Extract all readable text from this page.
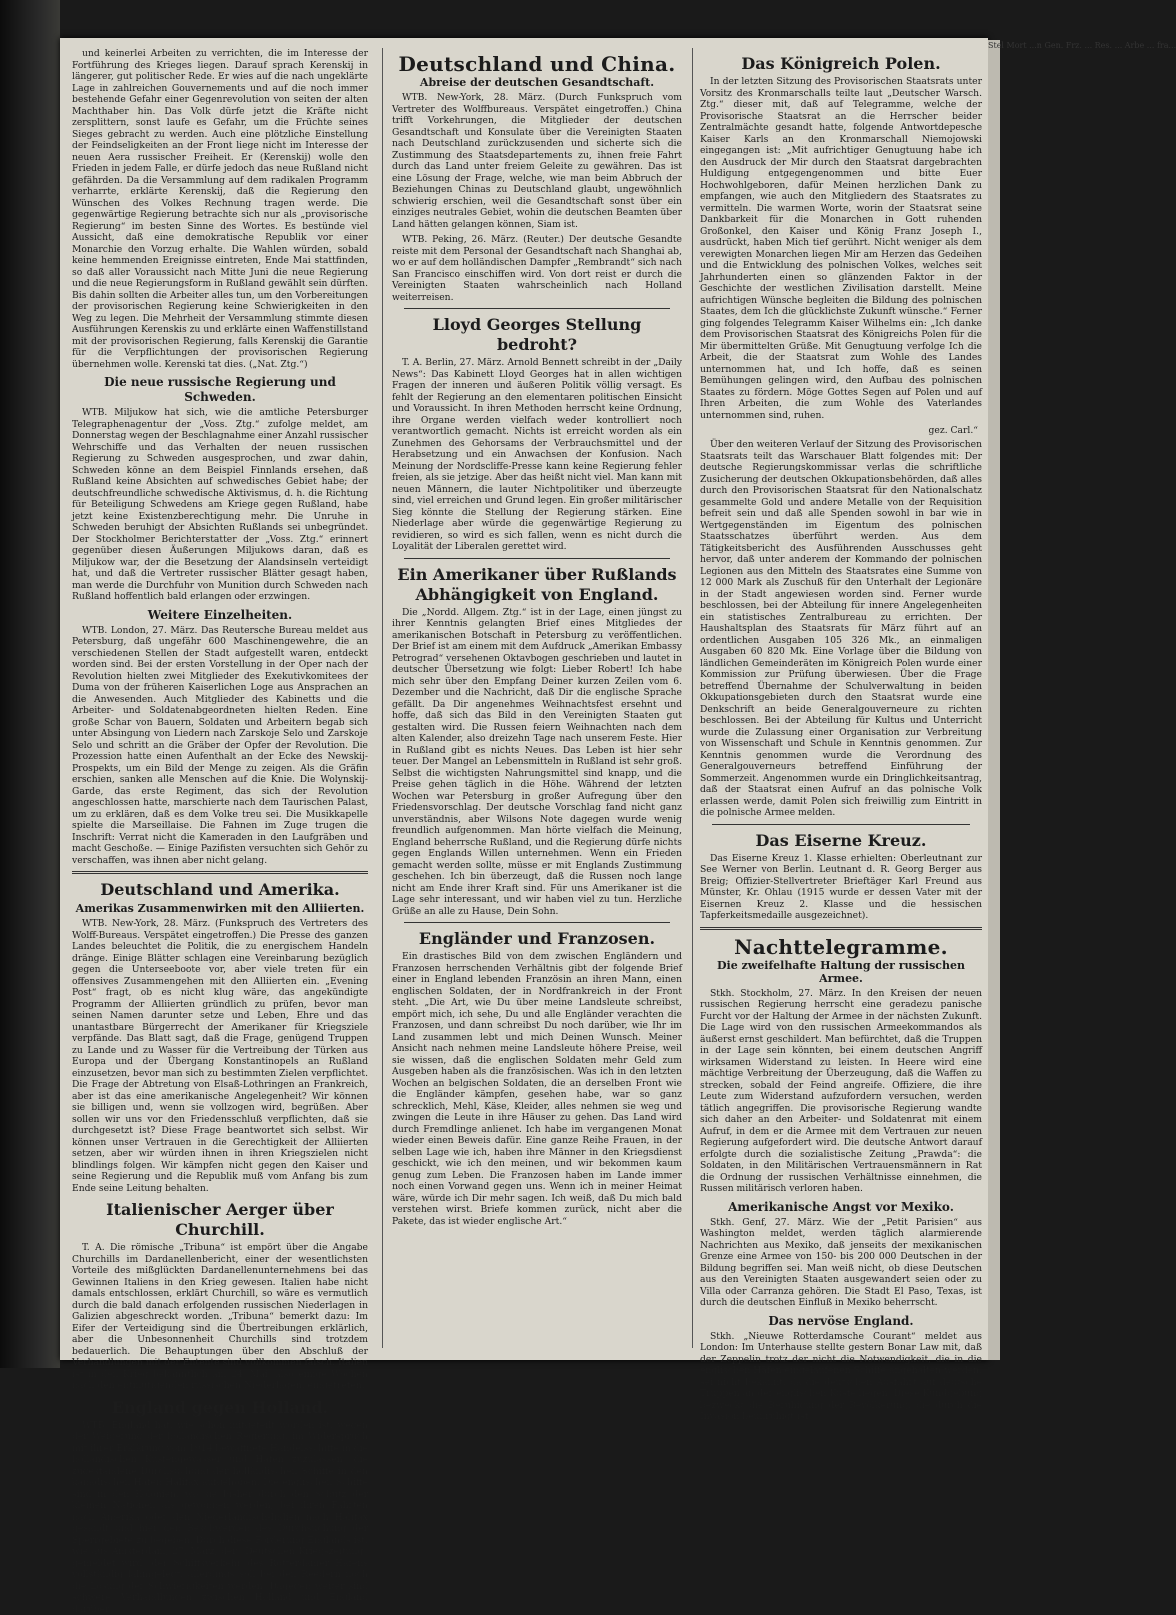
und keinerlei Arbeiten zu verrichten, die im Interesse der Fortführung des Krieges liegen. Darauf sprach Kerenskij in längerer, gut politischer Rede. Er wies auf die nach ungeklärte Lage in zahlreichen Gouvernements und auf die noch immer bestehende Gefahr einer Gegenrevolution von seiten der alten Machthaber hin. Das Volk dürfe jetzt die Kräfte nicht zersplittern, sonst laufe es Gefahr, um die Früchte seines Sieges gebracht zu werden. Auch eine plötzliche Einstellung der Feindseligkeiten an der Front liege nicht im Interesse der neuen Aera russischer Freiheit. Er (Kerenskij) wolle den Frieden in jedem Falle, er dürfe jedoch das neue Rußland nicht gefährden. Da die Versammlung auf dem radikalen Programm verharrte, erklärte Kerenskij, daß die Regierung den Wünschen des Volkes Rechnung tragen werde. Die gegenwärtige Regierung betrachte sich nur als „provisorische Regierung“ im besten Sinne des Wortes. Es bestünde viel Aussicht, daß eine demokratische Republik vor einer Monarchie den Vorzug erhalte. Die Wahlen würden, sobald keine hemmenden Ereignisse eintreten, Ende Mai stattfinden, so daß aller Voraussicht nach Mitte Juni die neue Regierung und die neue Regierungsform in Rußland gewählt sein dürften. Bis dahin sollten die Arbeiter alles tun, um den Vorbereitungen der provisorischen Regierung keine Schwierigkeiten in den Weg zu legen. Die Mehrheit der Versammlung stimmte diesen Ausführungen Kerenskis zu und erklärte einen Waffenstillstand mit der provisorischen Regierung, falls Kerenskij die Garantie für die Verpflichtungen der provisorischen Regierung übernehmen wolle. Kerenski tat dies. („Nat. Ztg.“)

Die neue russische Regierung und Schweden.

WTB. Miljukow hat sich, wie die amtliche Petersburger Telegraphenagentur der „Voss. Ztg.“ zufolge meldet, am Donnerstag wegen der Beschlagnahme einer Anzahl russischer Wehrschiffe und das Verhalten der neuen russischen Regierung zu Schweden ausgesprochen, und zwar dahin, Schweden könne an dem Beispiel Finnlands ersehen, daß Rußland keine Absichten auf schwedisches Gebiet habe; der deutschfreundliche schwedische Aktivismus, d. h. die Richtung für Beteiligung Schwedens am Kriege gegen Rußland, habe jetzt keine Existenzberechtigung mehr. Die Unruhe in Schweden beruhigt der Absichten Rußlands sei unbegründet. Der Stockholmer Berichterstatter der „Voss. Ztg.“ erinnert gegenüber diesen Äußerungen Miljukows daran, daß es Miljukow war, der die Besetzung der Alandsinseln verteidigt hat, und daß die Vertreter russischer Blätter gesagt haben, man werde die Durchfuhr von Munition durch Schweden nach Rußland hoffentlich bald erlangen oder erzwingen.

Weitere Einzelheiten.

WTB. London, 27. März. Das Reutersche Bureau meldet aus Petersburg, daß ungefähr 600 Maschinengewehre, die an verschiedenen Stellen der Stadt aufgestellt waren, entdeckt worden sind. Bei der ersten Vorstellung in der Oper nach der Revolution hielten zwei Mitglieder des Exekutivkomitees der Duma von der früheren Kaiserlichen Loge aus Ansprachen an die Anwesenden. Auch Mitglieder des Kabinetts und die Arbeiter- und Soldatenabgeordneten hielten Reden. Eine große Schar von Bauern, Soldaten und Arbeitern begab sich unter Absingung von Liedern nach Zarskoje Selo und Zarskoje Selo und schritt an die Gräber der Opfer der Revolution. Die Prozession hatte einen Aufenthalt an der Ecke des Newskij-Prospekts, um ein Bild der Menge zu zeigen. Als die Gräfin erschien, sanken alle Menschen auf die Knie. Die Wolynskij-Garde, das erste Regiment, das sich der Revolution angeschlossen hatte, marschierte nach dem Taurischen Palast, um zu erklären, daß es dem Volke treu sei. Die Musikkapelle spielte die Marseillaise. Die Fahnen im Zuge trugen die Inschrift: Verrat nicht die Kameraden in den Laufgräben und macht Geschoße. — Einige Pazifisten versuchten sich Gehör zu verschaffen, was ihnen aber nicht gelang.

Deutschland und Amerika.
Amerikas Zusammenwirken mit den Alliierten.

WTB. New-York, 28. März. (Funkspruch des Vertreters des Wolff-Bureaus. Verspätet eingetroffen.) Die Presse des ganzen Landes beleuchtet die Politik, die zu energischem Handeln dränge. Einige Blätter schlagen eine Vereinbarung bezüglich gegen die Unterseeboote vor, aber viele treten für ein offensives Zusammengehen mit den Alliierten ein. „Evening Post“ fragt, ob es nicht klug wäre, das angekündigte Programm der Alliierten gründlich zu prüfen, bevor man seinen Namen darunter setze und Leben, Ehre und das unantastbare Bürgerrecht der Amerikaner für Kriegsziele verpfände. Das Blatt sagt, daß die Frage, genügend Truppen zu Lande und zu Wasser für die Vertreibung der Türken aus Europa und der Übergang Konstantinopels an Rußland einzusetzen, bevor man sich zu bestimmten Zielen verpflichtet. Die Frage der Abtretung von Elsaß-Lothringen an Frankreich, aber ist das eine amerikanische Angelegenheit? Wir können sie billigen und, wenn sie vollzogen wird, begrüßen. Aber sollen wir uns vor den Friedensschluß verpflichten, daß sie durchgesetzt ist? Diese Frage beantwortet sich selbst. Wir können unser Vertrauen in die Gerechtigkeit der Alliierten setzen, aber wir würden ihnen in ihren Kriegszielen nicht blindlings folgen. Wir kämpfen nicht gegen den Kaiser und seine Regierung und die Republik muß vom Anfang bis zum Ende seine Leitung behalten.

Italienischer Aerger über Churchill.

T. A. Die römische „Tribuna“ ist empört über die Angabe Churchills im Dardanellenbericht, einer der wesentlichsten Vorteile des mißglückten Dardanellenunternehmens bei das Gewinnen Italiens in den Krieg gewesen. Italien habe nicht damals entschlossen, erklärt Churchill, so wäre es vermutlich durch die bald danach erfolgenden russischen Niederlagen in Galizien abgeschreckt worden. „Tribuna“ bemerkt dazu: Im Eifer der Verteidigung sind die Übertreibungen erklärlich, aber die Unbesonnenheit Churchills sind trotzdem bedauerlich. Die Behauptungen über den Abschluß der Verhandlungen mit der Entente sind vollkommen falsch. Italien ist in den Krieg bekanntlich am 24. Mai, also einige Wochen nach den entmutigenden russischen Niederlagen, eingetreten.

England gegen Holland.

WTB. England hat, wie schon mitgeteilt worden ist, wegen der Weigerung der holländischen Regierung, im Widerspruch mit ihrer Erklärung vom 1914 bewaffnete Handelsschiffe in die holländischen Küstengewässer und Häfen zuzulassen, die zugestandene Durchsuchung der holländischen Schiffe in den kanadischen Häfen Halifax aufgehoben. Die englischen Schiffe sind in den Kolonien, wo sie bisher durch den Schutz der kleinen Nationen als gewonnen werden, bei ihren Fahrten nach Amerika oder den Niederländisch-Indien nach Halifax gesandt und hier den Beschwerden des Durchsuchung der Sperrgebiete zu begeben. Durch diese Forderung Englands ist, wie aus Amsterdam, 27. März, der „Deutschen Kriegszeitung“ gemeldet wird, der Schiffsverkehr des Rotterdamer Hafens vollständig lahmgelegt, allerdings soll bei den Reedern noch die Lösung der Schwierigkeiten werden. Dagegen weiter sind schwere Verhandlungen zwischen Holland und England darüber.

Deutschland und China.
Abreise der deutschen Gesandtschaft.

WTB. New-York, 28. März. (Durch Funkspruch vom Vertreter des Wolffbureaus. Verspätet eingetroffen.) China trifft Vorkehrungen, die Mitglieder der deutschen Gesandtschaft und Konsulate über die Vereinigten Staaten nach Deutschland zurückzusenden und sicherte sich die Zustimmung des Staatsdepartements zu, ihnen freie Fahrt durch das Land unter freiem Geleite zu gewähren. Das ist eine Lösung der Frage, welche, wie man beim Abbruch der Beziehungen Chinas zu Deutschland glaubt, ungewöhnlich schwierig erschien, weil die Gesandtschaft sonst über ein einziges neutrales Gebiet, wohin die deutschen Beamten über Land hätten gelangen können, Siam ist.

WTB. Peking, 26. März. (Reuter.) Der deutsche Gesandte reiste mit dem Personal der Gesandtschaft nach Shanghai ab, wo er auf dem holländischen Dampfer „Rembrandt“ sich nach San Francisco einschiffen wird. Von dort reist er durch die Vereinigten Staaten wahrscheinlich nach Holland weiterreisen.

Lloyd Georges Stellung bedroht?

T. A. Berlin, 27. März. Arnold Bennett schreibt in der „Daily News“: Das Kabinett Lloyd Georges hat in allen wichtigen Fragen der inneren und äußeren Politik völlig versagt. Es fehlt der Regierung an den elementaren politischen Einsicht und Voraussicht. In ihren Methoden herrscht keine Ordnung, ihre Organe werden vielfach weder kontrolliert noch verantwortlich gemacht. Nichts ist erreicht worden als ein Zunehmen des Gehorsams der Verbrauchsmittel und der Herabsetzung und ein Anwachsen der Konfusion. Nach Meinung der Nordscliffe-Presse kann keine Regierung fehler freien, als sie jetzige. Aber das heißt nicht viel. Man kann mit neuen Männern, die lauter Nichtpolitiker und überzeugte sind, viel erreichen und Grund legen. Ein großer militärischer Sieg könnte die Stellung der Regierung stärken. Eine Niederlage aber würde die gegenwärtige Regierung zu revidieren, so wird es sich fallen, wenn es nicht durch die Loyalität der Liberalen gerettet wird.

Ein Amerikaner über Rußlands Abhängigkeit von England.

Die „Nordd. Allgem. Ztg.“ ist in der Lage, einen jüngst zu ihrer Kenntnis gelangten Brief eines Mitgliedes der amerikanischen Botschaft in Petersburg zu veröffentlichen. Der Brief ist am einem mit dem Aufdruck „Amerikan Embassy Petrograd“ versehenen Oktavbogen geschrieben und lautet in deutscher Übersetzung wie folgt: Lieber Robert! Ich habe mich sehr über den Empfang Deiner kurzen Zeilen vom 6. Dezember und die Nachricht, daß Dir die englische Sprache gefällt. Da Dir angenehmes Weihnachtsfest ersehnt und hoffe, daß sich das Bild in den Vereinigten Staaten gut gestalten wird. Die Russen feiern Weihnachten nach dem alten Kalender, also dreizehn Tage nach unserem Feste. Hier in Rußland gibt es nichts Neues. Das Leben ist hier sehr teuer. Der Mangel an Lebensmitteln in Rußland ist sehr groß. Selbst die wichtigsten Nahrungsmittel sind knapp, und die Preise gehen täglich in die Höhe. Während der letzten Wochen war Petersburg in großer Aufregung über den Friedensvorschlag. Der deutsche Vorschlag fand nicht ganz unverständnis, aber Wilsons Note dagegen wurde wenig freundlich aufgenommen. Man hörte vielfach die Meinung, England beherrsche Rußland, und die Regierung dürfe nichts gegen Englands Willen unternehmen. Wenn ein Frieden gemacht werden sollte, müsse er mit Englands Zustimmung geschehen. Ich bin überzeugt, daß die Russen noch lange nicht am Ende ihrer Kraft sind. Für uns Amerikaner ist die Lage sehr interessant, und wir haben viel zu tun. Herzliche Grüße an alle zu Hause, Dein Sohn.

Engländer und Franzosen.

Ein drastisches Bild von dem zwischen Engländern und Franzosen herrschenden Verhältnis gibt der folgende Brief einer in England lebenden Französin an ihren Mann, einen englischen Soldaten, der in Nordfrankreich in der Front steht. „Die Art, wie Du über meine Landsleute schreibst, empört mich, ich sehe, Du und alle Engländer verachten die Franzosen, und dann schreibst Du noch darüber, wie Ihr im Land zusammen lebt und mich Deinen Wunsch. Meiner Ansicht nach nehmen meine Landsleute höhere Preise, weil sie wissen, daß die englischen Soldaten mehr Geld zum Ausgeben haben als die französischen. Was ich in den letzten Wochen an belgischen Soldaten, die an derselben Front wie die Engländer kämpfen, gesehen habe, war so ganz schrecklich, Mehl, Käse, Kleider, alles nehmen sie weg und zwingen die Leute in ihre Häuser zu gehen. Das Land wird durch Fremdlinge anlienet. Ich habe im vergangenen Monat wieder einen Beweis dafür. Eine ganze Reihe Frauen, in der selben Lage wie ich, haben ihre Männer in den Kriegsdienst geschickt, wie ich den meinen, und wir bekommen kaum genug zum Leben. Die Franzosen haben im Lande immer noch einen Vorwand gegen uns. Wenn ich in meiner Heimat wäre, würde ich Dir mehr sagen. Ich weiß, daß Du mich bald verstehen wirst. Briefe kommen zurück, nicht aber die Pakete, das ist wieder englische Art.“

Das Königreich Polen.

In der letzten Sitzung des Provisorischen Staatsrats unter Vorsitz des Kronmarschalls teilte laut „Deutscher Warsch. Ztg.“ dieser mit, daß auf Telegramme, welche der Provisorische Staatsrat an die Herrscher beider Zentralmächte gesandt hatte, folgende Antwortdepesche Kaiser Karls an den Kronmarschall Niemojowski eingegangen ist: „Mit aufrichtiger Genugtuung habe ich den Ausdruck der Mir durch den Staatsrat dargebrachten Huldigung entgegengenommen und bitte Euer Hochwohlgeboren, dafür Meinen herzlichen Dank zu empfangen, wie auch den Mitgliedern des Staatsrates zu vermitteln. Die warmen Worte, worin der Staatsrat seine Dankbarkeit für die Monarchen in Gott ruhenden Großonkel, den Kaiser und König Franz Joseph I., ausdrückt, haben Mich tief gerührt. Nicht weniger als dem verewigten Monarchen liegen Mir am Herzen das Gedeihen und die Entwicklung des polnischen Volkes, welches seit Jahrhunderten einen so glänzenden Faktor in der Geschichte der westlichen Zivilisation darstellt. Meine aufrichtigen Wünsche begleiten die Bildung des polnischen Staates, dem Ich die glücklichste Zukunft wünsche.“ Ferner ging folgendes Telegramm Kaiser Wilhelms ein: „Ich danke dem Provisorischen Staatsrat des Königreichs Polen für die Mir übermittelten Grüße. Mit Genugtuung verfolge Ich die Arbeit, die der Staatsrat zum Wohle des Landes unternommen hat, und Ich hoffe, daß es seinen Bemühungen gelingen wird, den Aufbau des polnischen Staates zu fördern. Möge Gottes Segen auf Polen und auf Ihren Arbeiten, die zum Wohle des Vaterlandes unternommen sind, ruhen.

gez. Carl.“

Über den weiteren Verlauf der Sitzung des Provisorischen Staatsrats teilt das Warschauer Blatt folgendes mit: Der deutsche Regierungskommissar verlas die schriftliche Zusicherung der deutschen Okkupationsbehörden, daß alles durch den Provisorischen Staatsrat für den Nationalschatz gesammelte Gold und andere Metalle von der Requisition befreit sein und daß alle Spenden sowohl in bar wie in Wertgegenständen im Eigentum des polnischen Staatsschatzes überführt werden. Aus dem Tätigkeitsbericht des Ausführenden Ausschusses geht hervor, daß unter anderem der Kommando der polnischen Legionen aus den Mitteln des Staatsrates eine Summe von 12 000 Mark als Zuschuß für den Unterhalt der Legionäre in der Stadt angewiesen worden sind. Ferner wurde beschlossen, bei der Abteilung für innere Angelegenheiten ein statistisches Zentralbureau zu errichten. Der Haushaltsplan des Staatsrats für März führt auf an ordentlichen Ausgaben 105 326 Mk., an einmaligen Ausgaben 60 820 Mk. Eine Vorlage über die Bildung von ländlichen Gemeinderäten im Königreich Polen wurde einer Kommission zur Prüfung überwiesen. Über die Frage betreffend Übernahme der Schulverwaltung in beiden Okkupationsgebieten durch den Staatsrat wurde eine Denkschrift an beide Generalgouverneure zu richten beschlossen. Bei der Abteilung für Kultus und Unterricht wurde die Zulassung einer Organisation zur Verbreitung von Wissenschaft und Schule in Kenntnis genommen. Zur Kenntnis genommen wurde die Verordnung des Generalgouverneurs betreffend Einführung der Sommerzeit. Angenommen wurde ein Dringlichkeitsantrag, daß der Staatsrat einen Aufruf an das polnische Volk erlassen werde, damit Polen sich freiwillig zum Eintritt in die polnische Armee melden.

Das Eiserne Kreuz.

Das Eiserne Kreuz 1. Klasse erhielten: Oberleutnant zur See Werner von Berlin. Leutnant d. R. Georg Berger aus Breig; Offizier-Stellvertreter Brieftäger Karl Freund aus Münster, Kr. Ohlau (1915 wurde er dessen Vater mit der Eisernen Kreuz 2. Klasse und die hessischen Tapferkeitsmedaille ausgezeichnet).

Nachttelegramme.
Die zweifelhafte Haltung der russischen Armee.

Stkh. Stockholm, 27. März. In den Kreisen der neuen russischen Regierung herrscht eine geradezu panische Furcht vor der Haltung der Armee in der nächsten Zukunft. Die Lage wird von den russischen Armeekommandos als äußerst ernst geschildert. Man befürchtet, daß die Truppen in der Lage sein könnten, bei einem deutschen Angriff wirksamen Widerstand zu leisten. In Heere wird eine mächtige Verbreitung der Überzeugung, daß die Waffen zu strecken, sobald der Feind angreife. Offiziere, die ihre Leute zum Widerstand aufzufordern versuchen, werden tätlich angegriffen. Die provisorische Regierung wandte sich daher an den Arbeiter- und Soldatenrat mit einem Aufruf, in dem er die Armee mit dem Vertrauen zur neuen Regierung aufgefordert wird. Die deutsche Antwort darauf erfolgte durch die sozialistische Zeitung „Prawda“: die Soldaten, in den Militärischen Vertrauensmännern in Rat die Ordnung der russischen Verhältnisse einnehmen, die Russen militärisch verloren haben.

Amerikanische Angst vor Mexiko.

Stkh. Genf, 27. März. Wie der „Petit Parisien“ aus Washington meldet, werden täglich alarmierende Nachrichten aus Mexiko, daß jenseits der mexikanischen Grenze eine Armee von 150- bis 200 000 Deutschen in der Bildung begriffen sei. Man weiß nicht, ob diese Deutschen aus den Vereinigten Staaten ausgewandert seien oder zu Villa oder Carranza gehören. Die Stadt El Paso, Texas, ist durch die deutschen Einfluß in Mexiko beherrscht.

Das nervöse England.

Stkh. „Nieuwe Rotterdamsche Courant“ meldet aus London: Im Unterhause stellte gestern Bonar Law mit, daß der Zeppelin trotz der nicht die Notwendigkeit, die in die englischen Häfen eingelaufenen Schiffe angehalten werden, sei nicht bekannt, da die deutschen Ausfahrt auf deutsche Truppen an der englischen Küste liegen. Diese Kundgebung bezweckt die Beruhigung der Bevölkerung, die durch die Invasion beunruhigt ist.

Stel Mort ...n Gen. Frz. ... Res. ... Arbe ... fra...
